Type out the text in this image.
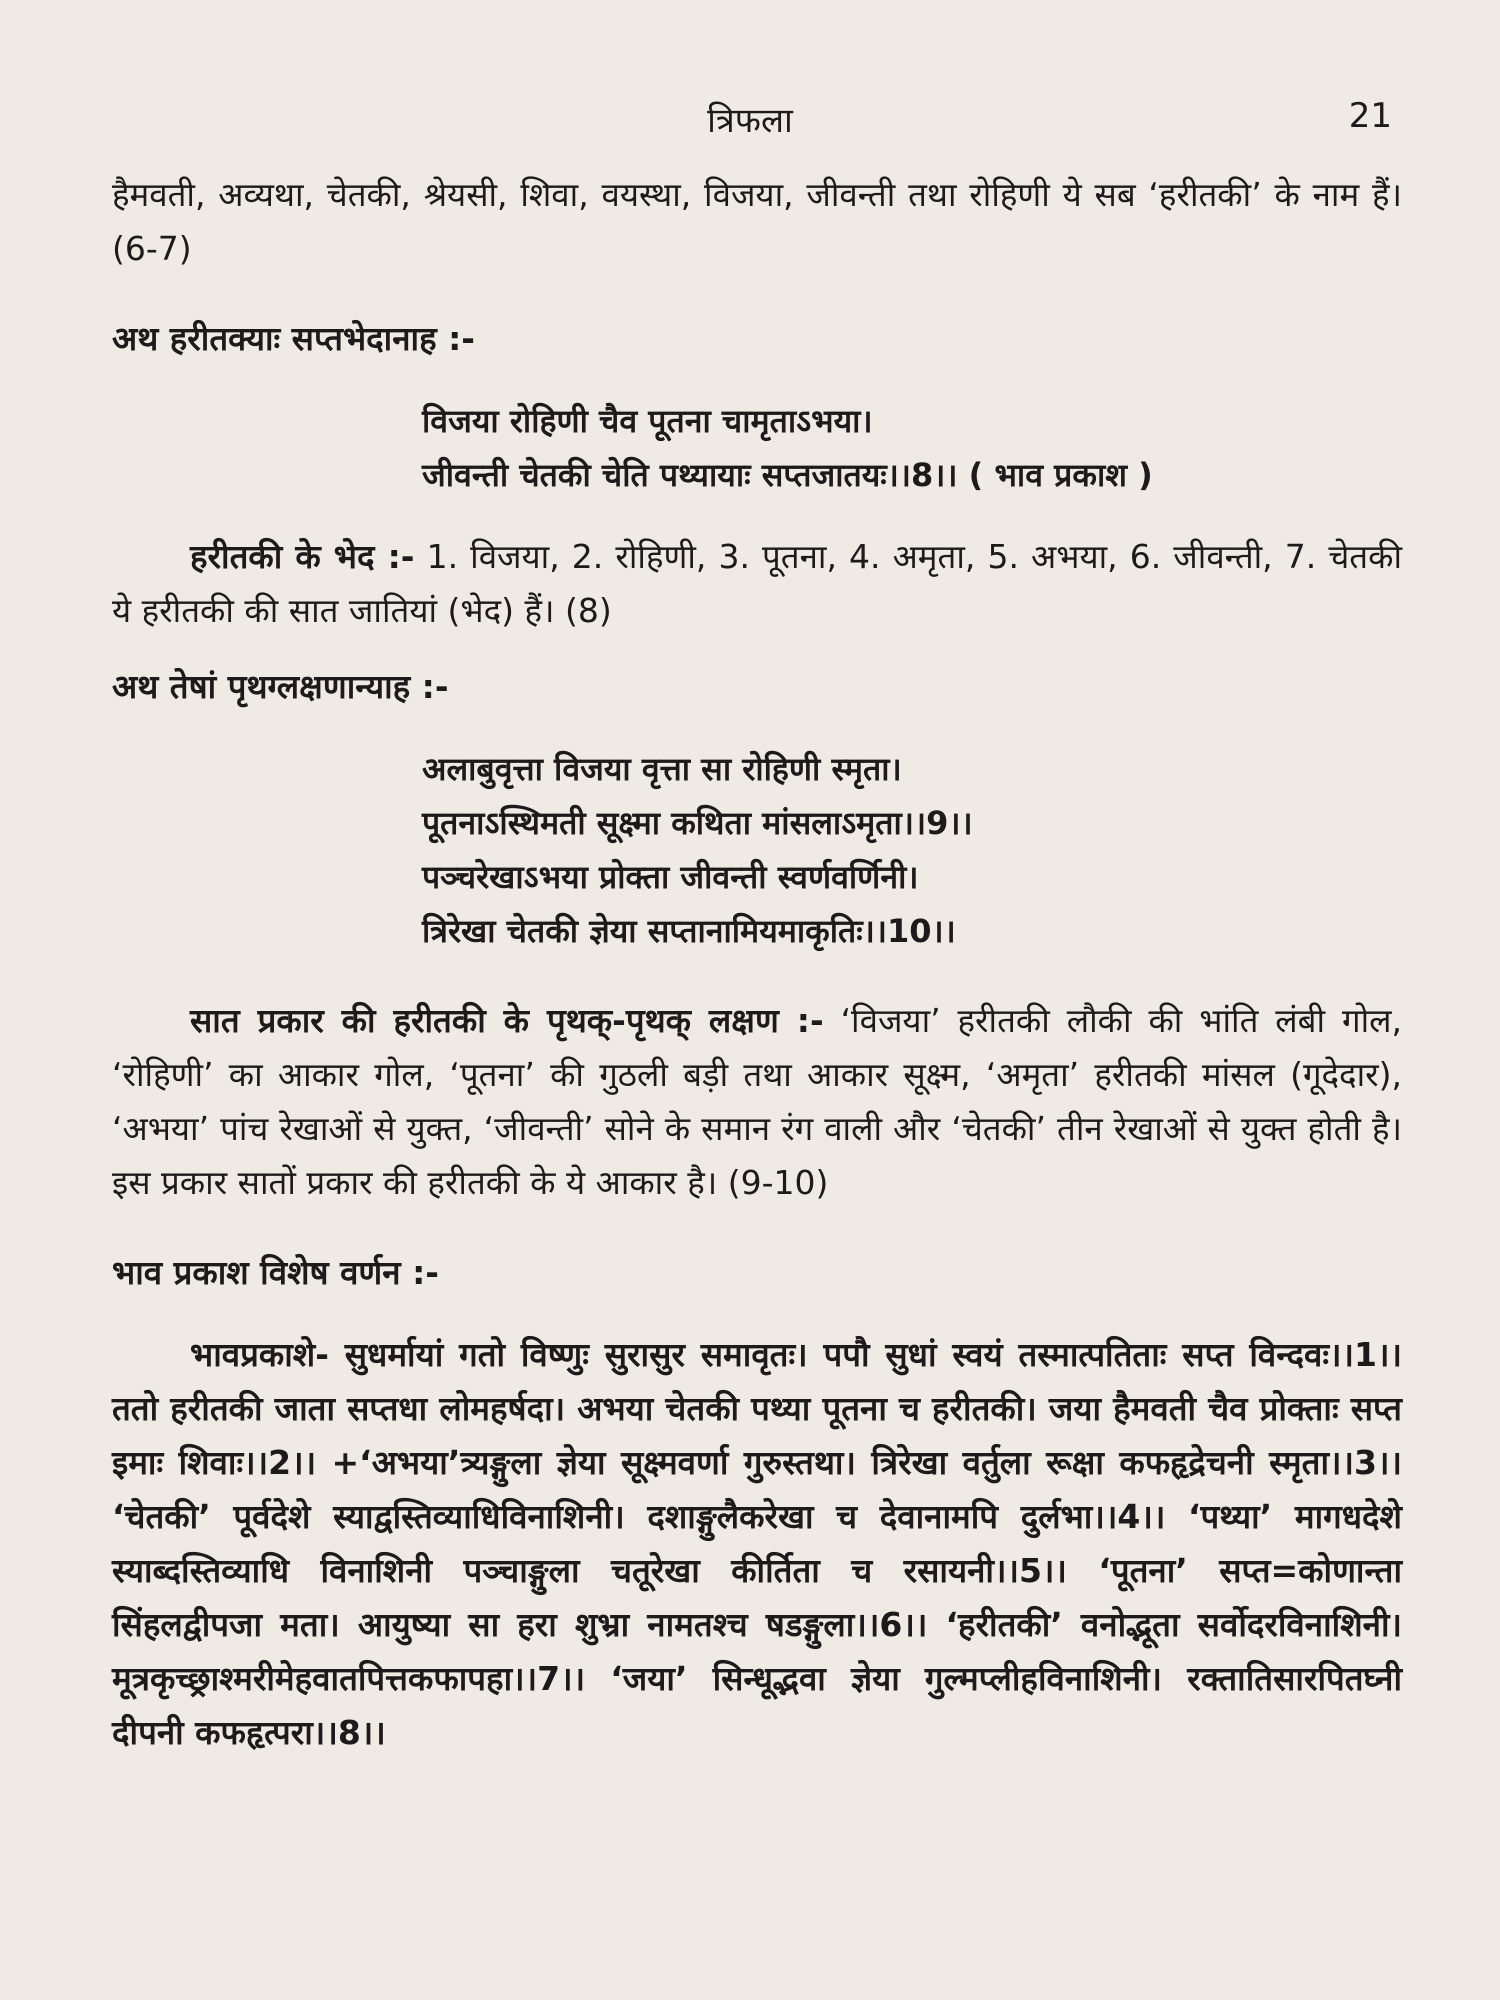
त्रिफला	21

हैमवती, अव्यथा, चेतकी, श्रेयसी, शिवा, वयस्था, विजया, जीवन्ती तथा रोहिणी ये सब ‘हरीतकी’ के नाम हैं। (6-7)

अथ हरीतक्याः सप्तभेदानाह :-

विजया रोहिणी चैव पूतना चामृताऽभया।

जीवन्ती चेतकी चेति पथ्यायाः सप्तजातयः।।8।। ( भाव प्रकाश )

हरीतकी के भेद :- 1. विजया, 2. रोहिणी, 3. पूतना, 4. अमृता, 5. अभया, 6. जीवन्ती, 7. चेतकी ये हरीतकी की सात जातियां (भेद) हैं। (8)

अथ तेषां पृथग्लक्षणान्याह :-

अलाबुवृत्ता विजया वृत्ता सा रोहिणी स्मृता।

पूतनाऽस्थिमती सूक्ष्मा कथिता मांसलाऽमृता।।9।।

पञ्चरेखाऽभया प्रोक्ता जीवन्ती स्वर्णवर्णिनी।

त्रिरेखा चेतकी ज्ञेया सप्तानामियमाकृतिः।।10।।

सात प्रकार की हरीतकी के पृथक्-पृथक् लक्षण :- ‘विजया’ हरीतकी लौकी की भांति लंबी गोल, ‘रोहिणी’ का आकार गोल, ‘पूतना’ की गुठली बड़ी तथा आकार सूक्ष्म, ‘अमृता’ हरीतकी मांसल (गूदेदार), ‘अभया’ पांच रेखाओं से युक्त, ‘जीवन्ती’ सोने के समान रंग वाली और ‘चेतकी’ तीन रेखाओं से युक्त होती है। इस प्रकार सातों प्रकार की हरीतकी के ये आकार है। (9-10)

भाव प्रकाश विशेष वर्णन :-

भावप्रकाशे- सुधर्मायां गतो विष्णुः सुरासुर समावृतः। पपौ सुधां स्वयं तस्मात्पतिताः सप्त विन्दवः।।1।। ततो हरीतकी जाता सप्तधा लोमहर्षदा। अभया चेतकी पथ्या पूतना च हरीतकी। जया हैमवती चैव प्रोक्ताः सप्त इमाः शिवाः।।2।। +‘अभया’त्र्यङ्गुला ज्ञेया सूक्ष्मवर्णा गुरुस्तथा। त्रिरेखा वर्तुला रूक्षा कफहृद्रेचनी स्मृता।।3।। ‘चेतकी’ पूर्वदेशे स्याद्वस्तिव्याधिविनाशिनी। दशाङ्गुलैकरेखा च देवानामपि दुर्लभा।।4।। ‘पथ्या’ मागधदेशे स्याब्दस्तिव्याधि विनाशिनी पञ्चाङ्गुला चतूरेखा कीर्तिता च रसायनी।।5।। ‘पूतना’ सप्त=कोणान्ता सिंहलद्वीपजा मता। आयुष्या सा हरा शुभ्रा नामतश्च षडङ्गुला।।6।। ‘हरीतकी’ वनोद्भूता सर्वोदरविनाशिनी। मूत्रकृच्छ्राश्मरीमेहवातपित्तकफापहा।।7।। ‘जया’ सिन्धूद्भवा ज्ञेया गुल्मप्लीहविनाशिनी। रक्तातिसारपितघ्नी दीपनी कफहृत्परा।।8।।
